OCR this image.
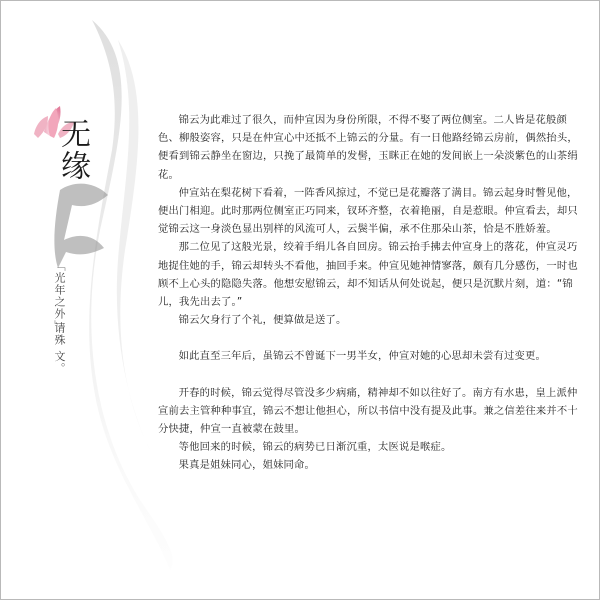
无缘
「光年之外」
请殊 文。

锦云为此难过了很久，而仲宣因为身份所限，不得不娶了两位侧室。二人皆是花般颜色、柳般姿容，只是在仲宣心中还抵不上锦云的分量。有一日他路经锦云房前，偶然抬头，便看到锦云静坐在窗边，只挽了最简单的发髻，玉眯正在她的发间嵌上一朵淡紫色的山茶绢花。

仲宣站在梨花树下看着，一阵香风掠过，不觉已是花瓣落了满目。锦云起身时瞥见他，便出门相迎。此时那两位侧室正巧同来，钗环齐整，衣着艳丽，自是惹眼。仲宣看去，却只觉锦云这一身淡色显出别样的风流可人，云鬓半偏，承不住那朵山茶，恰是不胜娇羞。

那二位见了这般光景，绞着手绢儿各自回房。锦云抬手拂去仲宣身上的落花，仲宣灵巧地捉住她的手，锦云却转头不看他，抽回手来。仲宣见她神情寥落，颇有几分感伤，一时也顾不上心头的隐隐失落。他想安慰锦云，却不知话从何处说起，便只是沉默片刻，道：“锦儿，我先出去了。”

锦云欠身行了个礼，便算做是送了。

如此直至三年后，虽锦云不曾诞下一男半女，仲宣对她的心思却未尝有过变更。

开春的时候，锦云觉得尽管没多少病痛，精神却不如以往好了。南方有水患，皇上派仲宣前去主管种种事宜，锦云不想让他担心，所以书信中没有提及此事。兼之信差往来并不十分快捷，仲宣一直被蒙在鼓里。

等他回来的时候，锦云的病势已日渐沉重，太医说是喉症。

果真是姐妹同心，姐妹同命。
